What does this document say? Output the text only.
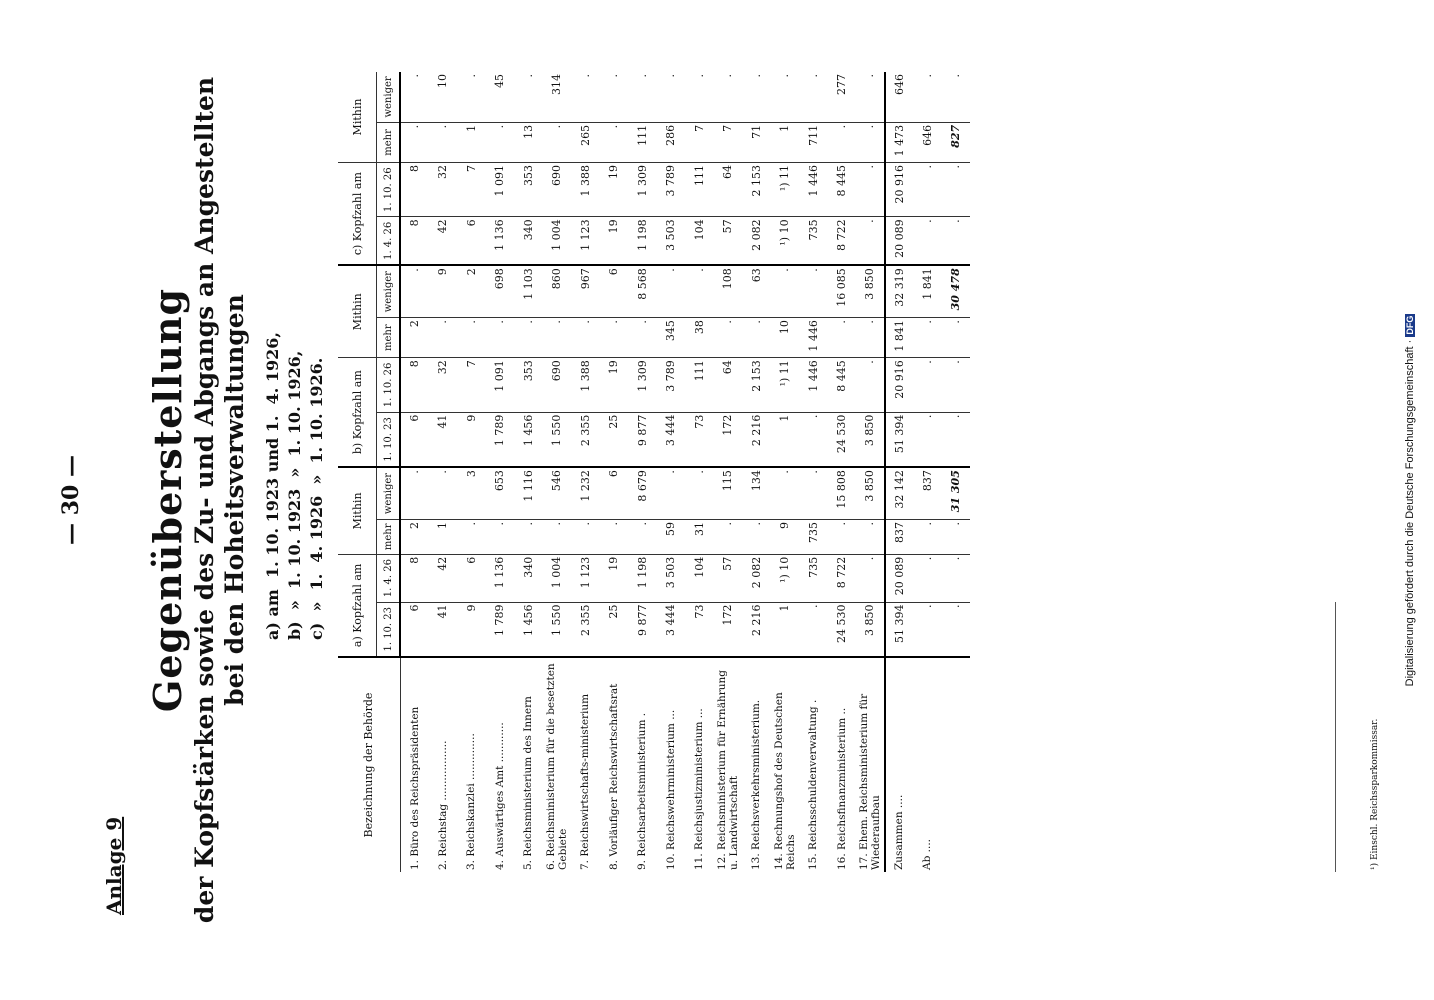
— 30 —
Anlage 9
Gegenüberstellung der Kopfstärken sowie des Zu- und Abgangs an Angestellten bei den Hoheitsverwaltungen a) am  1. 10. 1923 und 1.  4. 1926, b)  »  1. 10. 1923  »  1. 10. 1926, c)  »  1.  4. 1926  »  1. 10. 1926.
Bezeichnung der Behörde	a) Kopfzahl am		Mithin		b) Kopfzahl am		Mithin		c) Kopfzahl am		Mithin	
	1. 10. 23	1. 4. 26	mehr	weniger	1. 10. 23	1. 10. 26	mehr	weniger	1. 4. 26	1. 10. 26	mehr	weniger
1. Büro des Reichspräsidenten	6	8	2	.	6	8	2	.	8	8	.	.
2. Reichstag ..................	41	42	1	.	41	32	.	9	42	32	.	10
3. Reichskanzlei ..............	9	6	.	3	9	7	.	2	6	7	1	.
4. Auswärtiges Amt ............	1 789	1 136	.	653	1 789	1 091	.	698	1 136	1 091	.	45
5. Reichsministerium des Innern	1 456	340	.	1 116	1 456	353	.	1 103	340	353	13	.
6. Reichsministerium für die besetzten Gebiete	1 550	1 004	.	546	1 550	690	.	860	1 004	690	.	314
7. Reichswirtschafts-ministerium	2 355	1 123	.	1 232	2 355	1 388	.	967	1 123	1 388	265	.
8. Vorläufiger Reichswirtschaftsrat	25	19	.	6	25	19	.	6	19	19	.	.
9. Reichsarbeitsministerium .	9 877	1 198	.	8 679	9 877	1 309	.	8 568	1 198	1 309	111	.
10. Reichswehrministerium ...	3 444	3 503	59	.	3 444	3 789	345	.	3 503	3 789	286	.
11. Reichsjustizministerium ...	73	104	31	.	73	111	38	.	104	111	7	.
12. Reichsministerium für Ernährung u. Landwirtschaft	172	57	.	115	172	64	.	108	57	64	7	.
13. Reichsverkehrsministerium.	2 216	2 082	.	134	2 216	2 153	.	63	2 082	2 153	71	.
14. Rechnungshof des Deutschen Reichs	1	¹) 10	9	.	1	¹) 11	10	.	¹) 10	¹) 11	1	.
15. Reichsschuldenverwaltung .	.	735	735	.	.	1 446	1 446	.	735	1 446	711	.
16. Reichsfinanzministerium ..	24 530	8 722	.	15 808	24 530	8 445	.	16 085	8 722	8 445	.	277
17. Ehem. Reichsministerium für Wiederaufbau	3 850	.	.	3 850	3 850	.	.	3 850	.	.	.	.
Zusammen ....	51 394	20 089	837	32 142	51 394	20 916	1 841	32 319	20 089	20 916	1 473	646
Ab ....	.	.	.	837	.	.	.	1 841	.	.	646	.
	.	.	.	31 305	.	.	.	30 478	.	.	827	.
¹) Einschl. Reichssparkommissar.
Digitalisierung gefördert durch die Deutsche Forschungsgemeinschaft ·DFG
